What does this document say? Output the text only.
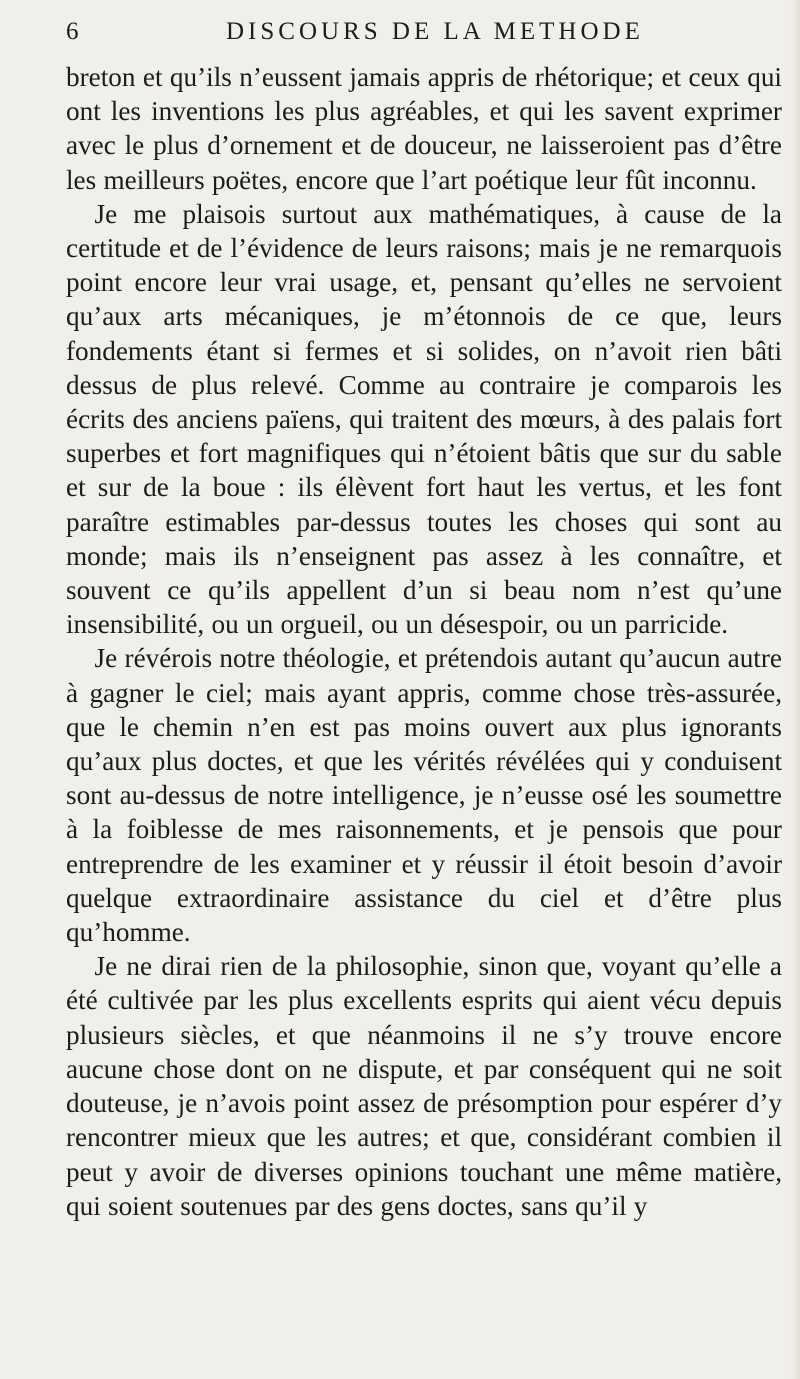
6	DISCOURS DE LA METHODE

breton et qu’ils n’eussent jamais appris de rhétorique; et ceux qui ont les inventions les plus agréables, et qui les savent exprimer avec le plus d’ornement et de douceur, ne laisseroient pas d’être les meilleurs poëtes, encore que l’art poétique leur fût inconnu.

Je me plaisois surtout aux mathématiques, à cause de la certitude et de l’évidence de leurs raisons; mais je ne remarquois point encore leur vrai usage, et, pensant qu’elles ne servoient qu’aux arts mécaniques, je m’étonnois de ce que, leurs fondements étant si fermes et si solides, on n’avoit rien bâti dessus de plus relevé. Comme au contraire je comparois les écrits des anciens païens, qui traitent des mœurs, à des palais fort superbes et fort magnifiques qui n’étoient bâtis que sur du sable et sur de la boue : ils élèvent fort haut les vertus, et les font paraître estimables par-dessus toutes les choses qui sont au monde; mais ils n’enseignent pas assez à les connaître, et souvent ce qu’ils appellent d’un si beau nom n’est qu’une insensibilité, ou un orgueil, ou un désespoir, ou un parricide.

Je révérois notre théologie, et prétendois autant qu’aucun autre à gagner le ciel; mais ayant appris, comme chose très-assurée, que le chemin n’en est pas moins ouvert aux plus ignorants qu’aux plus doctes, et que les vérités révélées qui y conduisent sont au-dessus de notre intelligence, je n’eusse osé les soumettre à la foiblesse de mes raisonnements, et je pensois que pour entreprendre de les examiner et y réussir il étoit besoin d’avoir quelque extraordinaire assistance du ciel et d’être plus qu’homme.

Je ne dirai rien de la philosophie, sinon que, voyant qu’elle a été cultivée par les plus excellents esprits qui aient vécu depuis plusieurs siècles, et que néanmoins il ne s’y trouve encore aucune chose dont on ne dispute, et par conséquent qui ne soit douteuse, je n’avois point assez de présomption pour espérer d’y rencontrer mieux que les autres; et que, considérant combien il peut y avoir de diverses opinions touchant une même matière, qui soient soutenues par des gens doctes, sans qu’il y
